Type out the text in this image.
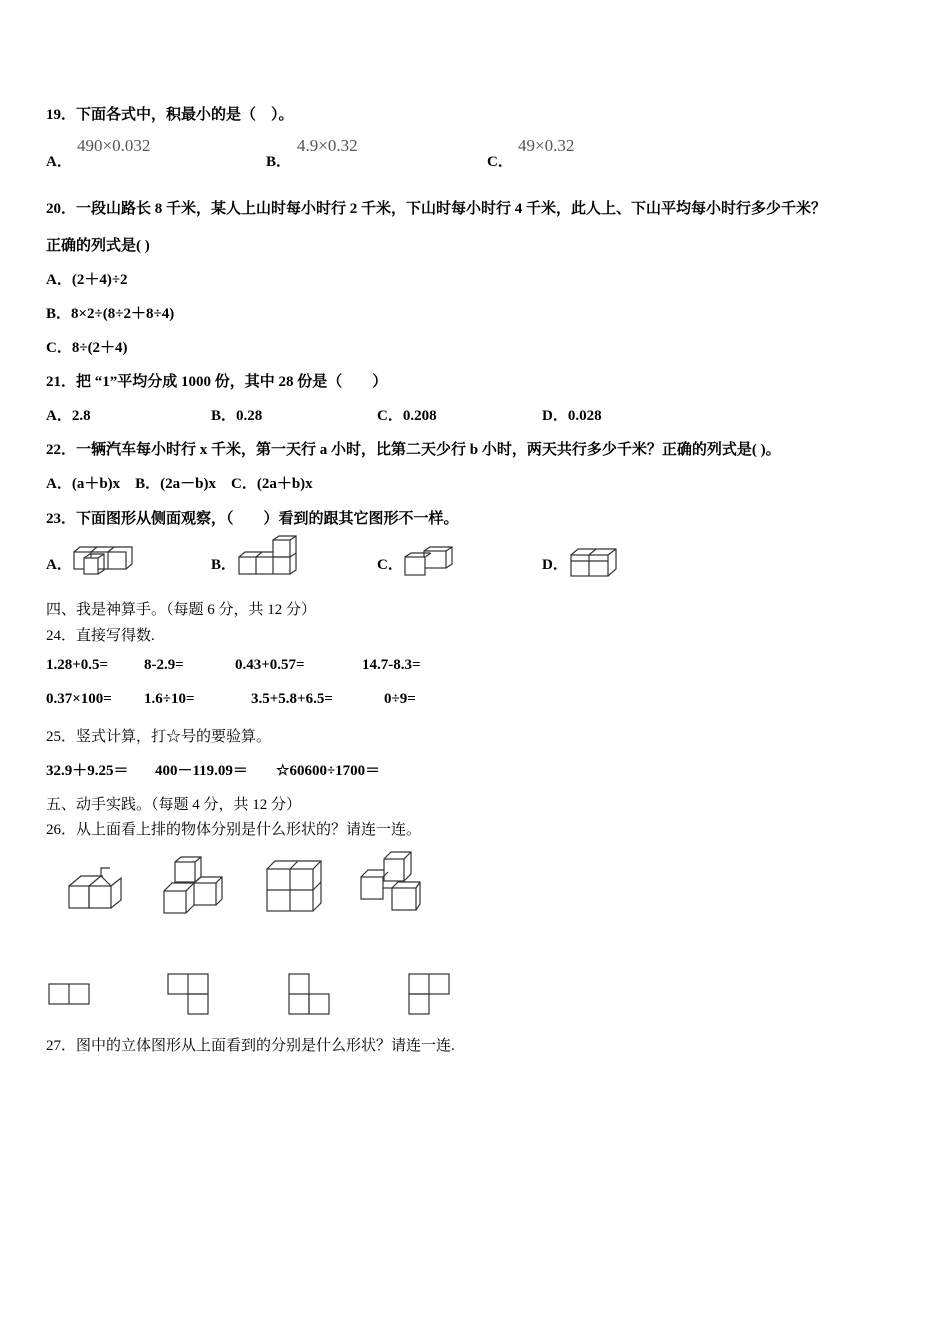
19．下面各式中，积最小的是（　）。
A．
490×0.032
B．
4.9×0.32
C．
49×0.32
20．一段山路长 8 千米，某人上山时每小时行 2 千米，下山时每小时行 4 千米，此人上、下山平均每小时行多少千米？
正确的列式是( )
A．(2＋4)÷2
B．8×2÷(8÷2＋8÷4)
C．8÷(2＋4)
21．把 “1”平均分成 1000 份，其中 28 份是（　　）
A．2.8	B．0.28	C．0.208	D．0.028
22．一辆汽车每小时行 x 千米，第一天行 a 小时，比第二天少行 b 小时，两天共行多少千米？正确的列式是( )。
A．(a＋b)x　B．(2a－b)x　C．(2a＋b)x
23．下面图形从侧面观察，（　　）看到的跟其它图形不一样。
A．	B．	C．	D．
四、我是神算手。（每题 6 分，共 12 分）
24．直接写得数.
1.28+0.5= 8-2.9=	0.43+0.57=	14.7-8.3=
0.37×100= 1.6÷10=	3.5+5.8+6.5=	0÷9=
25．竖式计算，打☆号的要验算。
32.9＋9.25＝ 400－119.09＝ ☆60600÷1700＝
五、动手实践。（每题 4 分，共 12 分）
26．从上面看上排的物体分别是什么形状的？请连一连。
27．图中的立体图形从上面看到的分别是什么形状？请连一连.
